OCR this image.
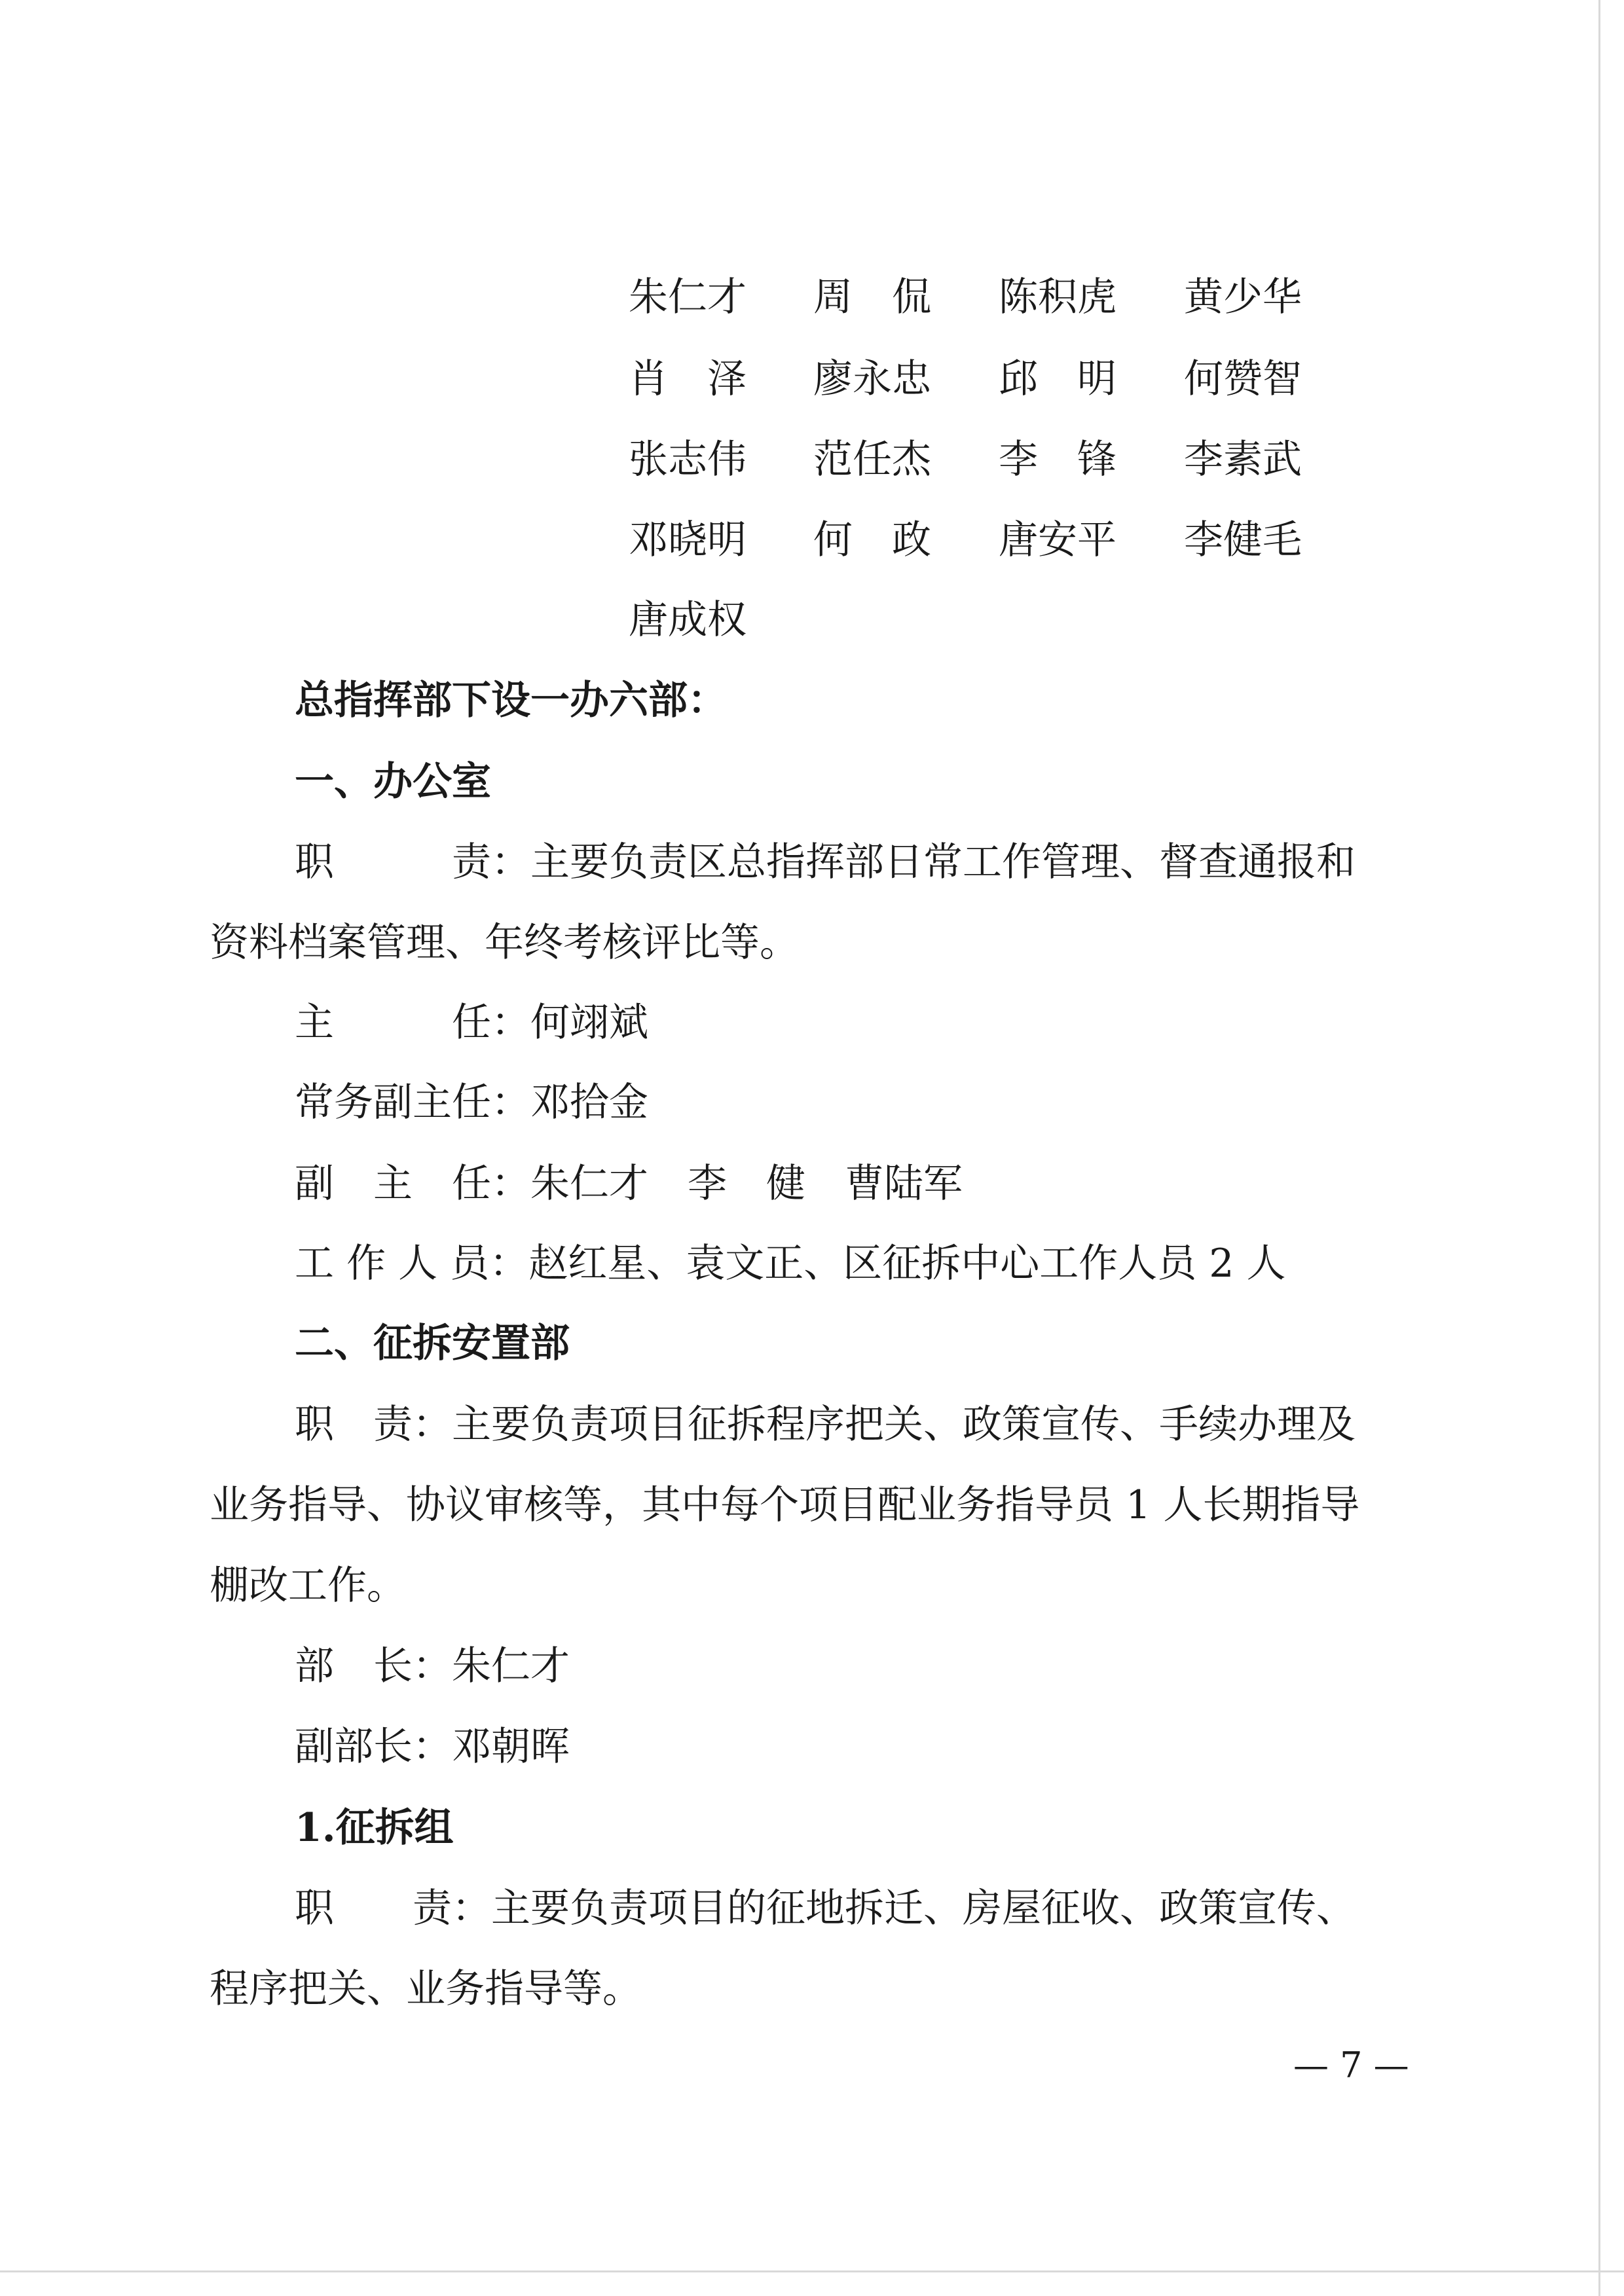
朱仁才 周　侃 陈积虎 黄少华
肖　泽 廖永忠 邱　明 何赞智
张志伟 范任杰 李　锋 李素武
邓晓明 何　政 唐安平 李健毛
唐成权
总指挥部下设一办六部：
一、办公室
职　　　责：主要负责区总指挥部日常工作管理、督查通报和
资料档案管理、年终考核评比等。
主　　　任：何翊斌
常务副主任：邓拾金
副　主　任：朱仁才　李　健　曹陆军
工 作 人 员：赵红星、袁文正、区征拆中心工作人员 2 人
二、征拆安置部
职　责：主要负责项目征拆程序把关、政策宣传、手续办理及
业务指导、协议审核等，其中每个项目配业务指导员 1 人长期指导
棚改工作。
部　长：朱仁才
副部长：邓朝晖
1.征拆组
职　　责：主要负责项目的征地拆迁、房屋征收、政策宣传、
程序把关、业务指导等。
— 7 —
